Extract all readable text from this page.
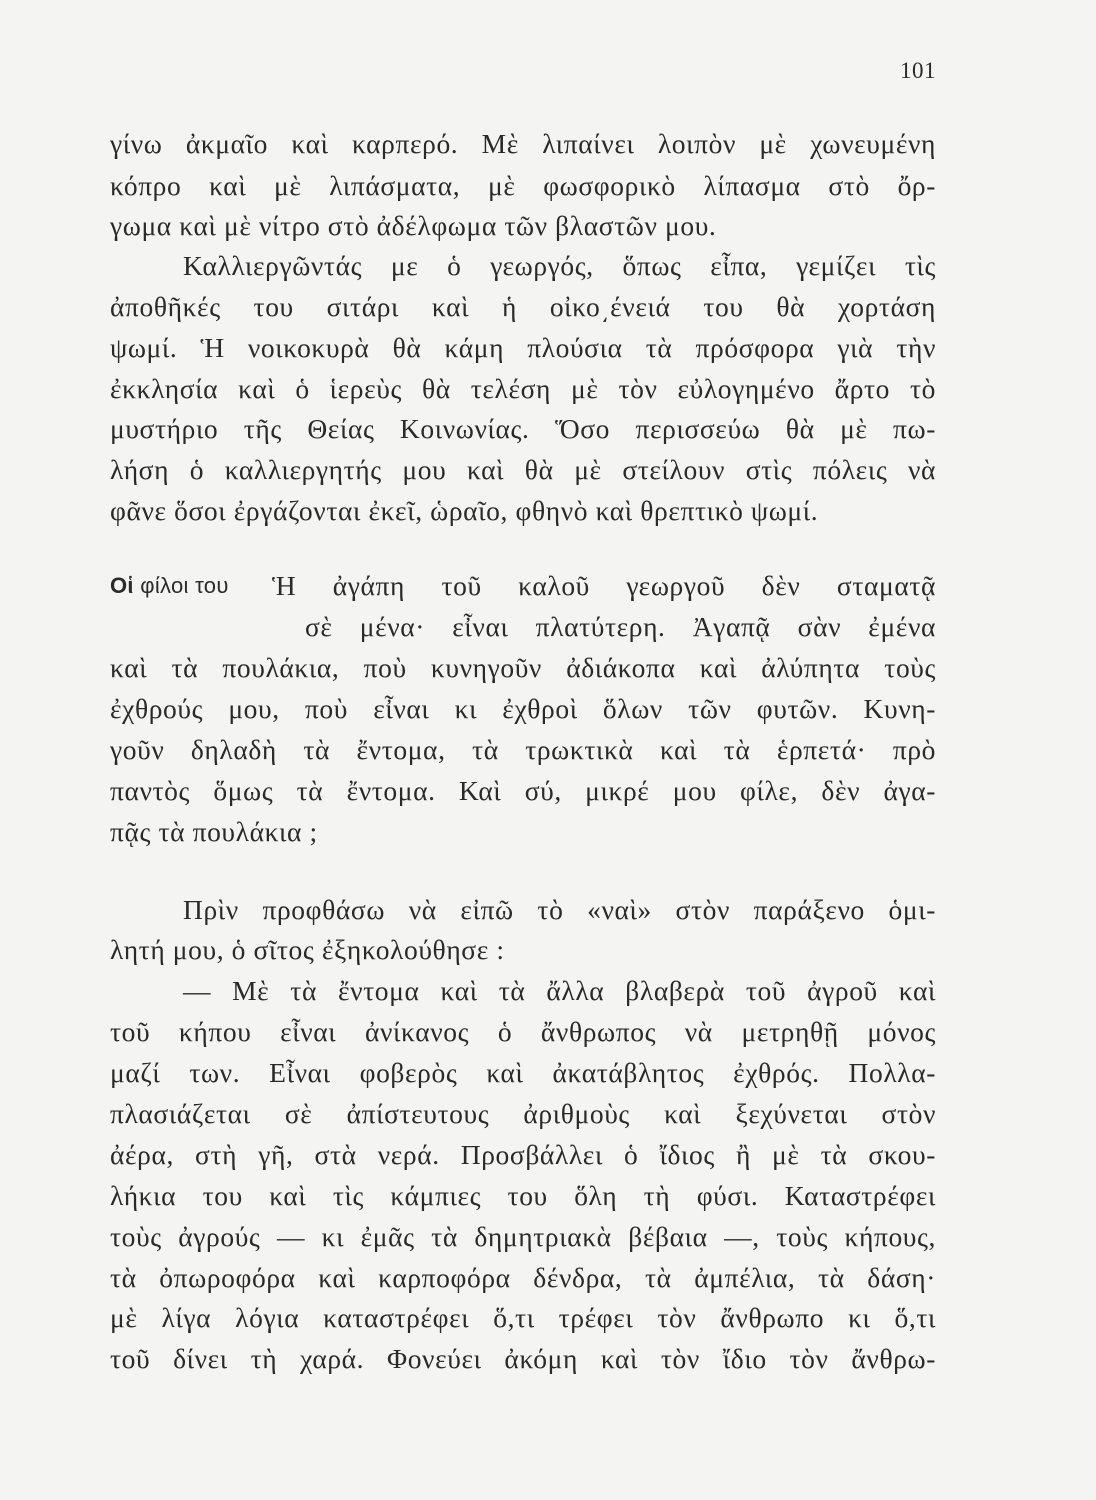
101
γίνω ἀκμαῖο καὶ καρπερό. Μὲ λιπαίνει λοιπὸν μὲ χωνευμένη
κόπρο καὶ μὲ λιπάσματα, μὲ φωσφορικὸ λίπασμα στὸ ὄρ-
γωμα καὶ μὲ νίτρο στὸ ἀδέλφωμα τῶν βλαστῶν μου.
Καλλιεργῶντάς με ὁ γεωργός, ὅπως εἶπα, γεμίζει τὶς
ἀποθῆκές του σιτάρι καὶ ἡ οἰκο͵ένειά του θὰ χορτάση
ψωμί. Ἡ νοικοκυρὰ θὰ κάμη πλούσια τὰ πρόσφορα γιὰ τὴν
ἐκκλησία καὶ ὁ ἱερεὺς θὰ τελέση μὲ τὸν εὐλογημένο ἄρτο τὸ
μυστήριο τῆς Θείας Κοινωνίας. Ὅσο περισσεύω θὰ μὲ πω-
λήση ὁ καλλιεργητής μου καὶ θὰ μὲ στείλουν στὶς πόλεις νὰ
φᾶνε ὅσοι ἐργάζονται ἐκεῖ, ὡραῖο, φθηνὸ καὶ θρεπτικὸ ψωμί.
Οἱ φίλοι του Ἡ ἀγάπη τοῦ καλοῦ γεωργοῦ δὲν σταματᾷ
σὲ μένα· εἶναι πλατύτερη. Ἀγαπᾷ σὰν ἐμένα
καὶ τὰ πουλάκια, ποὺ κυνηγοῦν ἀδιάκοπα καὶ ἀλύπητα τοὺς
ἐχθρούς μου, ποὺ εἶναι κι ἐχθροὶ ὅλων τῶν φυτῶν. Κυνη-
γοῦν δηλαδὴ τὰ ἔντομα, τὰ τρωκτικὰ καὶ τὰ ἑρπετά· πρὸ
παντὸς ὅμως τὰ ἔντομα. Καὶ σύ, μικρέ μου φίλε, δὲν ἀγα-
πᾷς τὰ πουλάκια ;
Πρὶν προφθάσω νὰ εἰπῶ τὸ «ναὶ» στὸν παράξενο ὁμι-
λητή μου, ὁ σῖτος ἐξηκολούθησε :
— Μὲ τὰ ἔντομα καὶ τὰ ἄλλα βλαβερὰ τοῦ ἀγροῦ καὶ
τοῦ κήπου εἶναι ἀνίκανος ὁ ἄνθρωπος νὰ μετρηθῇ μόνος
μαζί των. Εἶναι φοβερὸς καὶ ἀκατάβλητος ἐχθρός. Πολλα-
πλασιάζεται σὲ ἀπίστευτους ἀριθμοὺς καὶ ξεχύνεται στὸν
ἀέρα, στὴ γῆ, στὰ νερά. Προσβάλλει ὁ ἴδιος ἢ μὲ τὰ σκου-
λήκια του καὶ τὶς κάμπιες του ὅλη τὴ φύσι. Καταστρέφει
τοὺς ἀγρούς — κι ἐμᾶς τὰ δημητριακὰ βέβαια —, τοὺς κήπους,
τὰ ὀπωροφόρα καὶ καρποφόρα δένδρα, τὰ ἀμπέλια, τὰ δάση·
μὲ λίγα λόγια καταστρέφει ὅ,τι τρέφει τὸν ἄνθρωπο κι ὅ,τι
τοῦ δίνει τὴ χαρά. Φονεύει ἀκόμη καὶ τὸν ἴδιο τὸν ἄνθρω-
